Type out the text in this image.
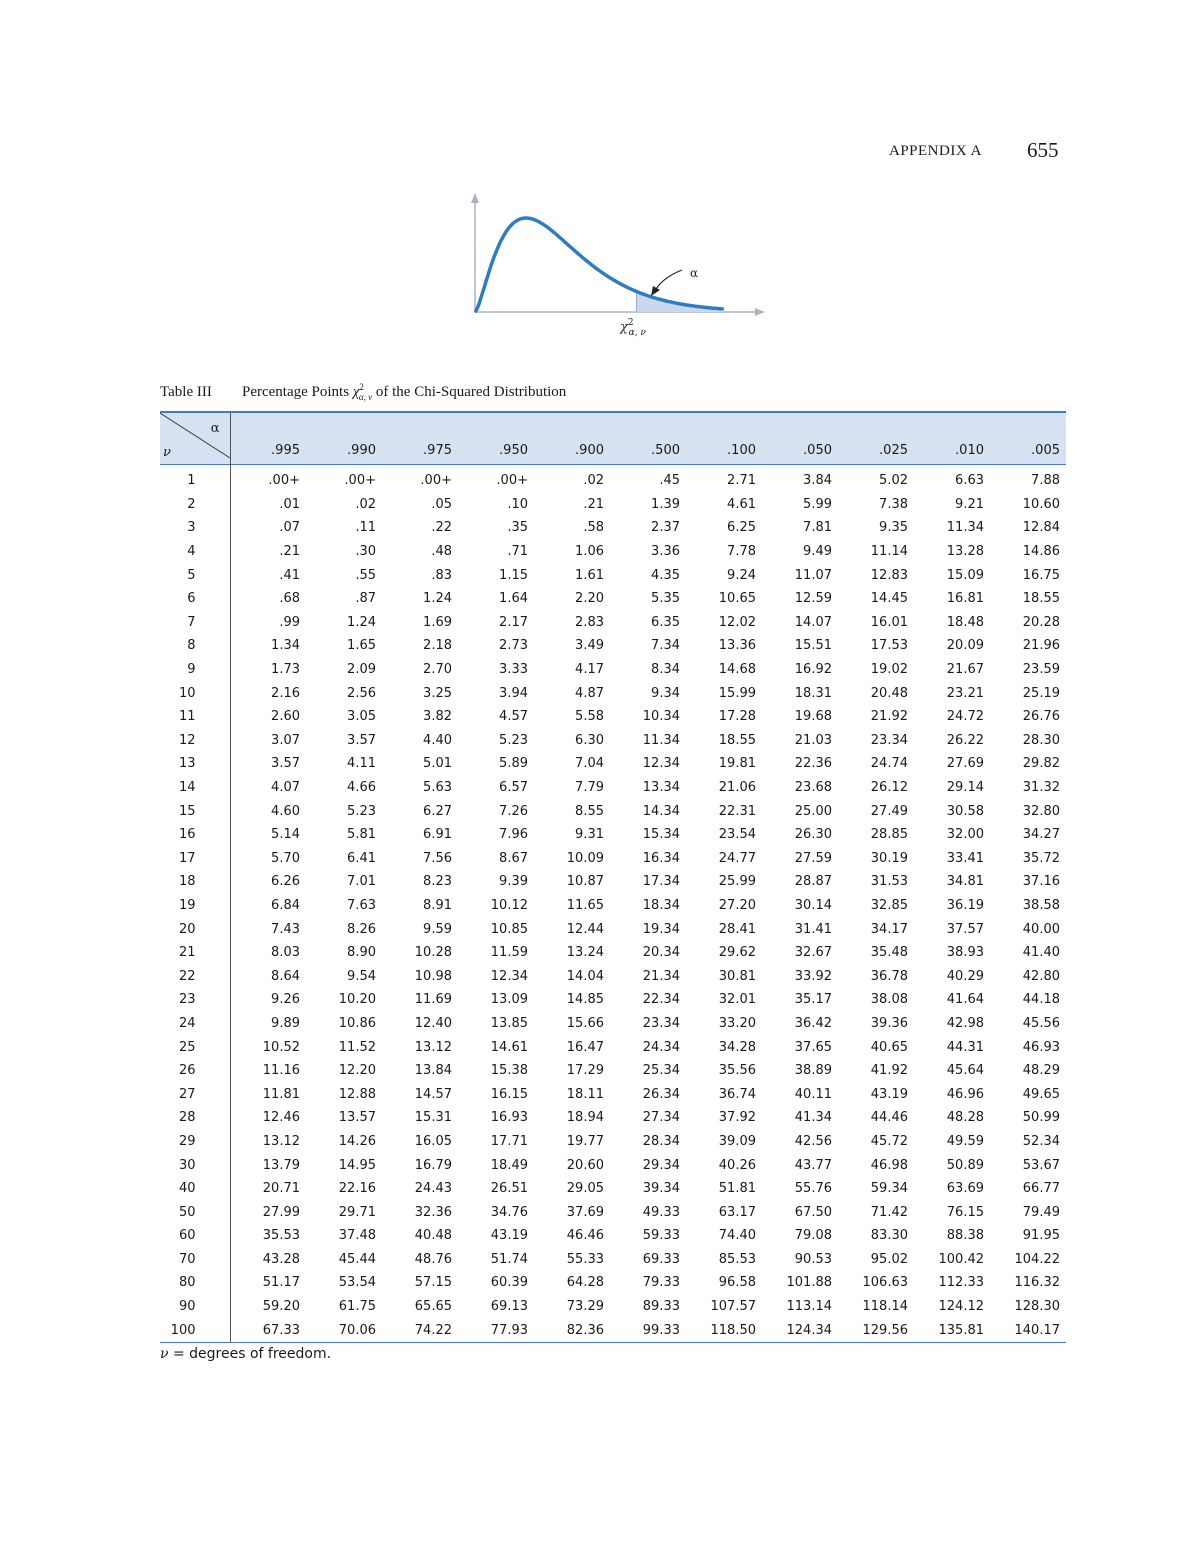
APPENDIX A 655
α
$\chi^2$ α, ν
Table III Percentage Points $\chi^2_{\alpha, \nu}$ of the Chi-Squared Distribution
α
ν	.995	.990	.975	.950	.900	.500	.100	.050	.025	.010	.005
1	.00+	.00+	.00+	.00+	.02	.45	2.71	3.84	5.02	6.63	7.88
2	.01	.02	.05	.10	.21	1.39	4.61	5.99	7.38	9.21	10.60
3	.07	.11	.22	.35	.58	2.37	6.25	7.81	9.35	11.34	12.84
4	.21	.30	.48	.71	1.06	3.36	7.78	9.49	11.14	13.28	14.86
5	.41	.55	.83	1.15	1.61	4.35	9.24	11.07	12.83	15.09	16.75
6	.68	.87	1.24	1.64	2.20	5.35	10.65	12.59	14.45	16.81	18.55
7	.99	1.24	1.69	2.17	2.83	6.35	12.02	14.07	16.01	18.48	20.28
8	1.34	1.65	2.18	2.73	3.49	7.34	13.36	15.51	17.53	20.09	21.96
9	1.73	2.09	2.70	3.33	4.17	8.34	14.68	16.92	19.02	21.67	23.59
10	2.16	2.56	3.25	3.94	4.87	9.34	15.99	18.31	20.48	23.21	25.19
11	2.60	3.05	3.82	4.57	5.58	10.34	17.28	19.68	21.92	24.72	26.76
12	3.07	3.57	4.40	5.23	6.30	11.34	18.55	21.03	23.34	26.22	28.30
13	3.57	4.11	5.01	5.89	7.04	12.34	19.81	22.36	24.74	27.69	29.82
14	4.07	4.66	5.63	6.57	7.79	13.34	21.06	23.68	26.12	29.14	31.32
15	4.60	5.23	6.27	7.26	8.55	14.34	22.31	25.00	27.49	30.58	32.80
16	5.14	5.81	6.91	7.96	9.31	15.34	23.54	26.30	28.85	32.00	34.27
17	5.70	6.41	7.56	8.67	10.09	16.34	24.77	27.59	30.19	33.41	35.72
18	6.26	7.01	8.23	9.39	10.87	17.34	25.99	28.87	31.53	34.81	37.16
19	6.84	7.63	8.91	10.12	11.65	18.34	27.20	30.14	32.85	36.19	38.58
20	7.43	8.26	9.59	10.85	12.44	19.34	28.41	31.41	34.17	37.57	40.00
21	8.03	8.90	10.28	11.59	13.24	20.34	29.62	32.67	35.48	38.93	41.40
22	8.64	9.54	10.98	12.34	14.04	21.34	30.81	33.92	36.78	40.29	42.80
23	9.26	10.20	11.69	13.09	14.85	22.34	32.01	35.17	38.08	41.64	44.18
24	9.89	10.86	12.40	13.85	15.66	23.34	33.20	36.42	39.36	42.98	45.56
25	10.52	11.52	13.12	14.61	16.47	24.34	34.28	37.65	40.65	44.31	46.93
26	11.16	12.20	13.84	15.38	17.29	25.34	35.56	38.89	41.92	45.64	48.29
27	11.81	12.88	14.57	16.15	18.11	26.34	36.74	40.11	43.19	46.96	49.65
28	12.46	13.57	15.31	16.93	18.94	27.34	37.92	41.34	44.46	48.28	50.99
29	13.12	14.26	16.05	17.71	19.77	28.34	39.09	42.56	45.72	49.59	52.34
30	13.79	14.95	16.79	18.49	20.60	29.34	40.26	43.77	46.98	50.89	53.67
40	20.71	22.16	24.43	26.51	29.05	39.34	51.81	55.76	59.34	63.69	66.77
50	27.99	29.71	32.36	34.76	37.69	49.33	63.17	67.50	71.42	76.15	79.49
60	35.53	37.48	40.48	43.19	46.46	59.33	74.40	79.08	83.30	88.38	91.95
70	43.28	45.44	48.76	51.74	55.33	69.33	85.53	90.53	95.02	100.42	104.22
80	51.17	53.54	57.15	60.39	64.28	79.33	96.58	101.88	106.63	112.33	116.32
90	59.20	61.75	65.65	69.13	73.29	89.33	107.57	113.14	118.14	124.12	128.30
100	67.33	70.06	74.22	77.93	82.36	99.33	118.50	124.34	129.56	135.81	140.17
ν = degrees of freedom.
